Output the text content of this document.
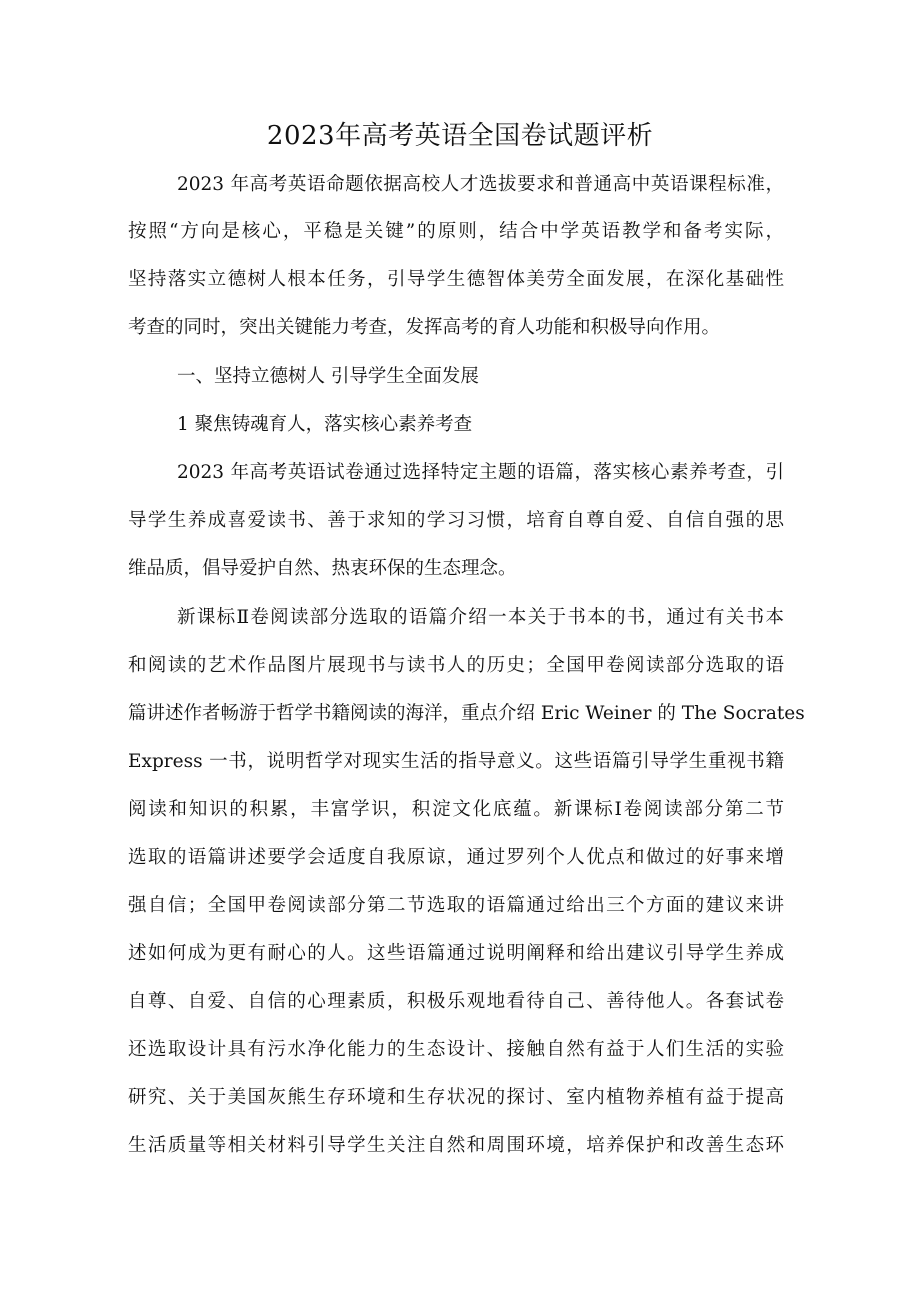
2023年高考英语全国卷试题评析
2023 年高考英语命题依据高校人才选拔要求和普通高中英语课程标准，
按照“方向是核心，平稳是关键”的原则，结合中学英语教学和备考实际，
坚持落实立德树人根本任务，引导学生德智体美劳全面发展，在深化基础性
考查的同时，突出关键能力考查，发挥高考的育人功能和积极导向作用。
一、坚持立德树人 引导学生全面发展
1 聚焦铸魂育人，落实核心素养考查
2023 年高考英语试卷通过选择特定主题的语篇，落实核心素养考查，引
导学生养成喜爱读书、善于求知的学习习惯，培育自尊自爱、自信自强的思
维品质，倡导爱护自然、热衷环保的生态理念。
新课标Ⅱ卷阅读部分选取的语篇介绍一本关于书本的书，通过有关书本
和阅读的艺术作品图片展现书与读书人的历史；全国甲卷阅读部分选取的语
篇讲述作者畅游于哲学书籍阅读的海洋，重点介绍 Eric Weiner 的 The Socrates
Express 一书，说明哲学对现实生活的指导意义。这些语篇引导学生重视书籍
阅读和知识的积累，丰富学识，积淀文化底蕴。新课标Ⅰ卷阅读部分第二节
选取的语篇讲述要学会适度自我原谅，通过罗列个人优点和做过的好事来增
强自信；全国甲卷阅读部分第二节选取的语篇通过给出三个方面的建议来讲
述如何成为更有耐心的人。这些语篇通过说明阐释和给出建议引导学生养成
自尊、自爱、自信的心理素质，积极乐观地看待自己、善待他人。各套试卷
还选取设计具有污水净化能力的生态设计、接触自然有益于人们生活的实验
研究、关于美国灰熊生存环境和生存状况的探讨、室内植物养植有益于提高
生活质量等相关材料引导学生关注自然和周围环境，培养保护和改善生态环
